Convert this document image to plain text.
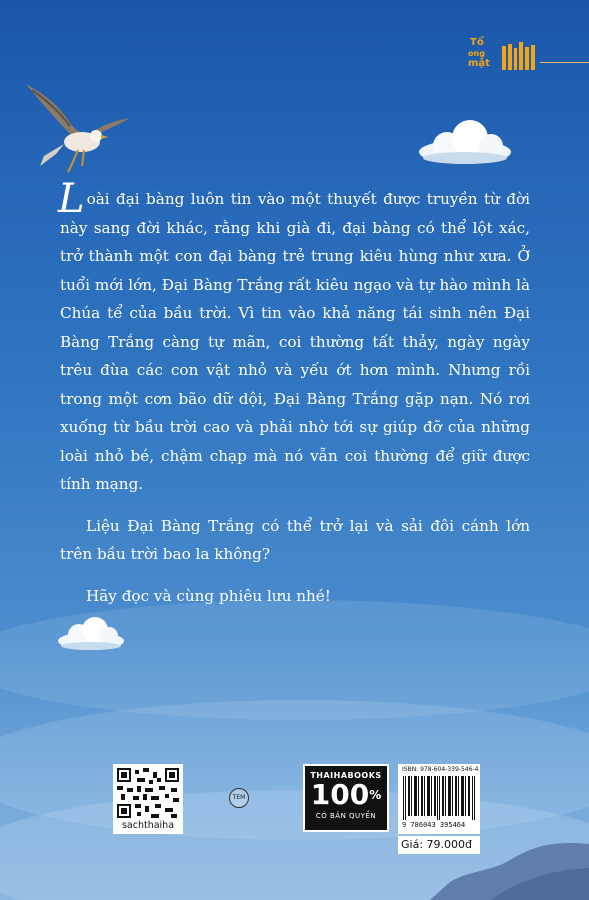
Tổ
ong
mật

Loài đại bàng luôn tin vào một thuyết được truyền từ đời này sang đời khác, rằng khi già đi, đại bàng có thể lột xác, trở thành một con đại bàng trẻ trung kiêu hùng như xưa. Ở tuổi mới lớn, Đại Bàng Trắng rất kiêu ngạo và tự hào mình là Chúa tể của bầu trời. Vì tin vào khả năng tái sinh nên Đại Bàng Trắng càng tự mãn, coi thường tất thảy, ngày ngày trêu đùa các con vật nhỏ và yếu ớt hơn mình. Nhưng rồi trong một cơn bão dữ dội, Đại Bàng Trắng gặp nạn. Nó rơi xuống từ bầu trời cao và phải nhờ tới sự giúp đỡ của những loài nhỏ bé, chậm chạp mà nó vẫn coi thường để giữ được tính mạng.

Liệu Đại Bàng Trắng có thể trở lại và sải đôi cánh lớn trên bầu trời bao la không?

Hãy đọc và cùng phiêu lưu nhé!

sachthaiha
TEM
THAIHABOOKS
100%
CÓ BẢN QUYỀN
ISBN: 978-604-339-546-4
9 786043 395464
Giá: 79.000đ
